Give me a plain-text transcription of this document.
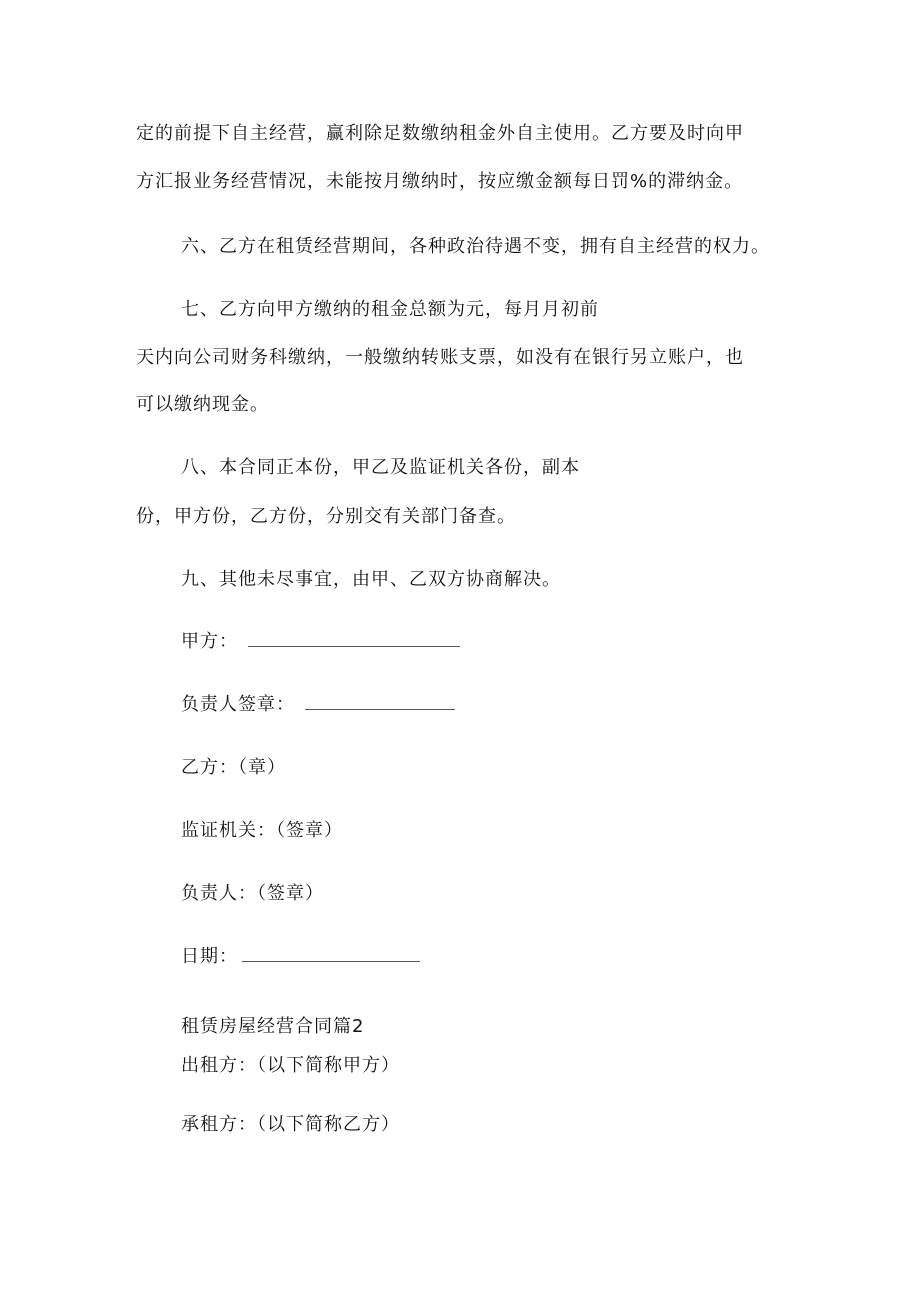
定的前提下自主经营，赢利除足数缴纳租金外自主使用。乙方要及时向甲
方汇报业务经营情况，未能按月缴纳时，按应缴金额每日罚%的滞纳金。
六、乙方在租赁经营期间，各种政治待遇不变，拥有自主经营的权力。
七、乙方向甲方缴纳的租金总额为元，每月月初前
天内向公司财务科缴纳，一般缴纳转账支票，如没有在银行另立账户，也
可以缴纳现金。
八、本合同正本份，甲乙及监证机关各份，副本
份，甲方份，乙方份，分别交有关部门备查。
九、其他未尽事宜，由甲、乙双方协商解决。
甲方：
负责人签章：
乙方：（章）
监证机关：（签章）
负责人：（签章）
日期：
租赁房屋经营合同篇2
出租方：（以下简称甲方）
承租方：（以下简称乙方）
